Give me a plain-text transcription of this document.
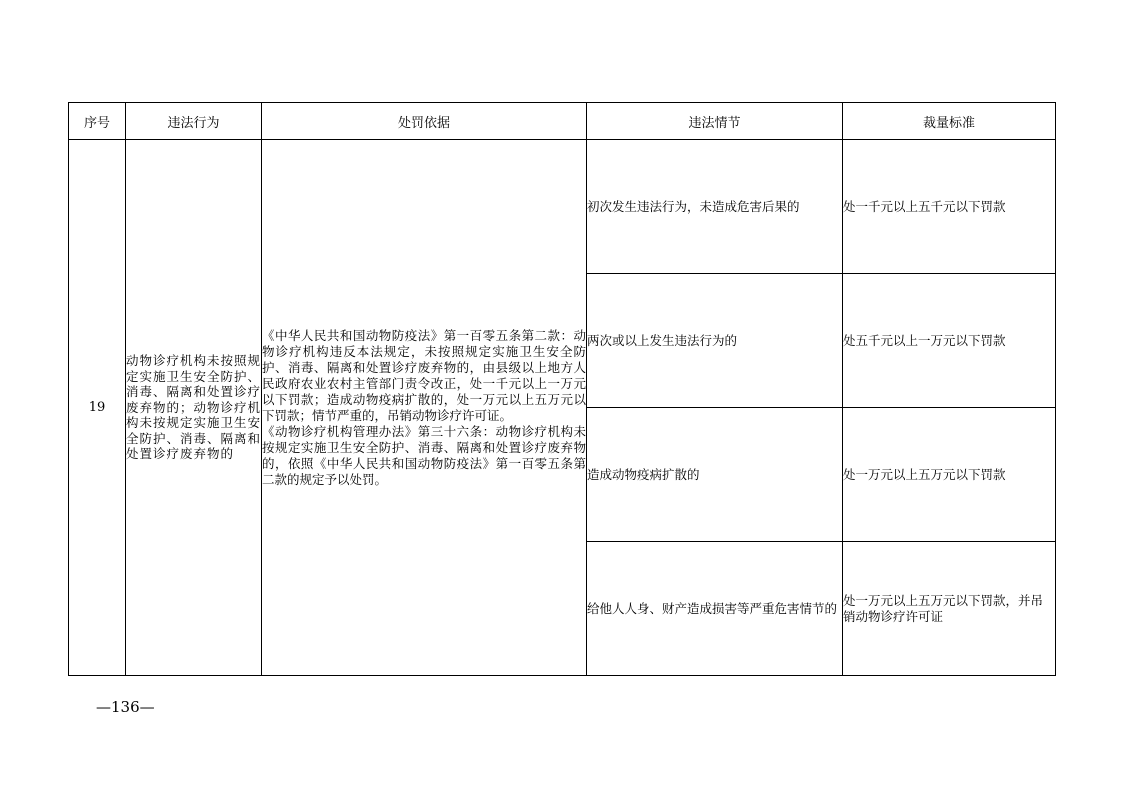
序号	违法行为	处罚依据	违法情节	裁量标准
19	动物诊疗机构未按照规定实施卫生安全防护、消毒、隔离和处置诊疗废弃物的；动物诊疗机构未按规定实施卫生安全防护、消毒、隔离和处置诊疗废弃物的	《中华人民共和国动物防疫法》第一百零五条第二款：动物诊疗机构违反本法规定，未按照规定实施卫生安全防护、消毒、隔离和处置诊疗废弃物的，由县级以上地方人民政府农业农村主管部门责令改正，处一千元以上一万元以下罚款；造成动物疫病扩散的，处一万元以上五万元以下罚款；情节严重的，吊销动物诊疗许可证。
《动物诊疗机构管理办法》第三十六条：动物诊疗机构未按规定实施卫生安全防护、消毒、隔离和处置诊疗废弃物的，依照《中华人民共和国动物防疫法》第一百零五条第二款的规定予以处罚。	初次发生违法行为，未造成危害后果的	处一千元以上五千元以下罚款
			两次或以上发生违法行为的	处五千元以上一万元以下罚款
			造成动物疫病扩散的	处一万元以上五万元以下罚款
			给他人人身、财产造成损害等严重危害情节的	处一万元以上五万元以下罚款，并吊销动物诊疗许可证
—136—
